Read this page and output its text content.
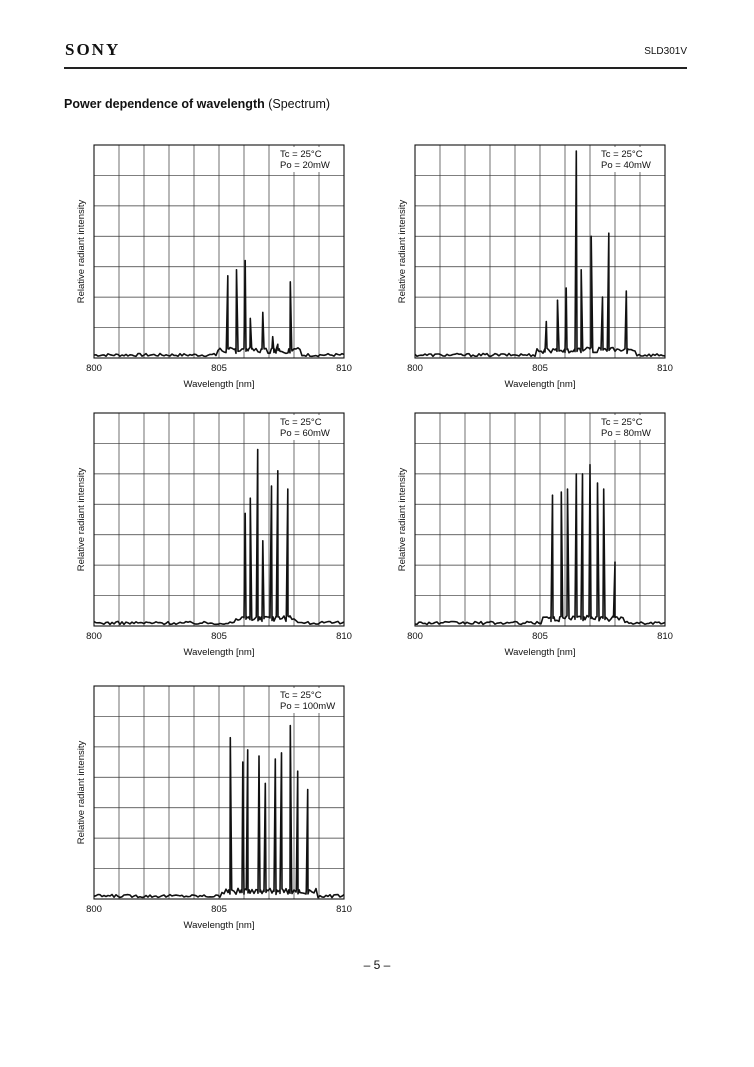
SONY	SLD301V
Power dependence of wavelength (Spectrum)
Tc = 25°C
Po = 20mW
800	805	810
Wavelength [nm]
Relative radiant intensity
Tc = 25°C
Po = 40mW
800	805	810
Wavelength [nm]
Relative radiant intensity
Tc = 25°C
Po = 60mW
800	805	810
Wavelength [nm]
Relative radiant intensity
Tc = 25°C
Po = 80mW
800	805	810
Wavelength [nm]
Relative radiant intensity
Tc = 25°C
Po = 100mW
800	805	810
Wavelength [nm]
Relative radiant intensity
– 5 –
